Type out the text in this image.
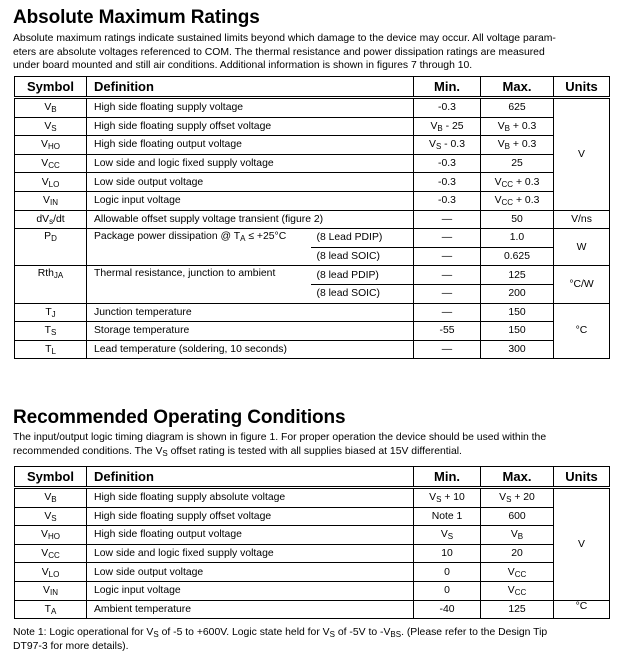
Absolute Maximum Ratings
Absolute maximum ratings indicate sustained limits beyond which damage to the device may occur. All voltage param-
eters are absolute voltages referenced to COM. The thermal resistance and power dissipation ratings are measured
under board mounted and still air conditions. Additional information is shown in figures 7 through 10.
Symbol	Definition		Min.	Max.	Units
$V_B$	High side floating supply voltage		-0.3	625	V
$V_S$	High side floating supply offset voltage		$V_B - 25$	$V_B + 0.3$	
$V_{HO}$	High side floating output voltage		$V_S - 0.3$	$V_B + 0.3$	
$V_{CC}$	Low side and logic fixed supply voltage		-0.3	25	
$V_{LO}$	Low side output voltage		-0.3	$V_{CC} + 0.3$	
$V_{IN}$	Logic input voltage		-0.3	$V_{CC} + 0.3$	
$dV_s/dt$	Allowable offset supply voltage transient (figure 2)		—	50	V/ns
$P_D$	Package power dissipation @ $T_A \le +25^\circ C$	(8 Lead PDIP)	—	1.0	W
		(8 lead SOIC)	—	0.625	
Rth$_{JA}$	Thermal resistance, junction to ambient	(8 lead PDIP)	—	125	°C/W
		(8 lead SOIC)	—	200	
$T_J$	Junction temperature		—	150	°C
$T_S$	Storage temperature		-55	150	
$T_L$	Lead temperature (soldering, 10 seconds)		—	300	
Recommended Operating Conditions
The input/output logic timing diagram is shown in figure 1. For proper operation the device should be used within the
recommended conditions. The $V_S$ offset rating is tested with all supplies biased at 15V differential.
Symbol	Definition	Min.	Max.	Units
$V_B$	High side floating supply absolute voltage	$V_S + 10$	$V_S + 20$	V
$V_S$	High side floating supply offset voltage	Note 1	600	
$V_{HO}$	High side floating output voltage	$V_S$	$V_B$
$V_{CC}$	Low side and logic fixed supply voltage	10	20	
$V_{LO}$	Low side output voltage	0	$V_{CC}$
$V_{IN}$	Logic input voltage	0	$V_{CC}$
$T_A$	Ambient temperature	-40	125	°C
Note 1: Logic operational for $V_S$ of -5 to +600V. Logic state held for $V_S$ of -5V to $-V_{BS}$. (Please refer to the Design Tip
DT97-3 for more details).
